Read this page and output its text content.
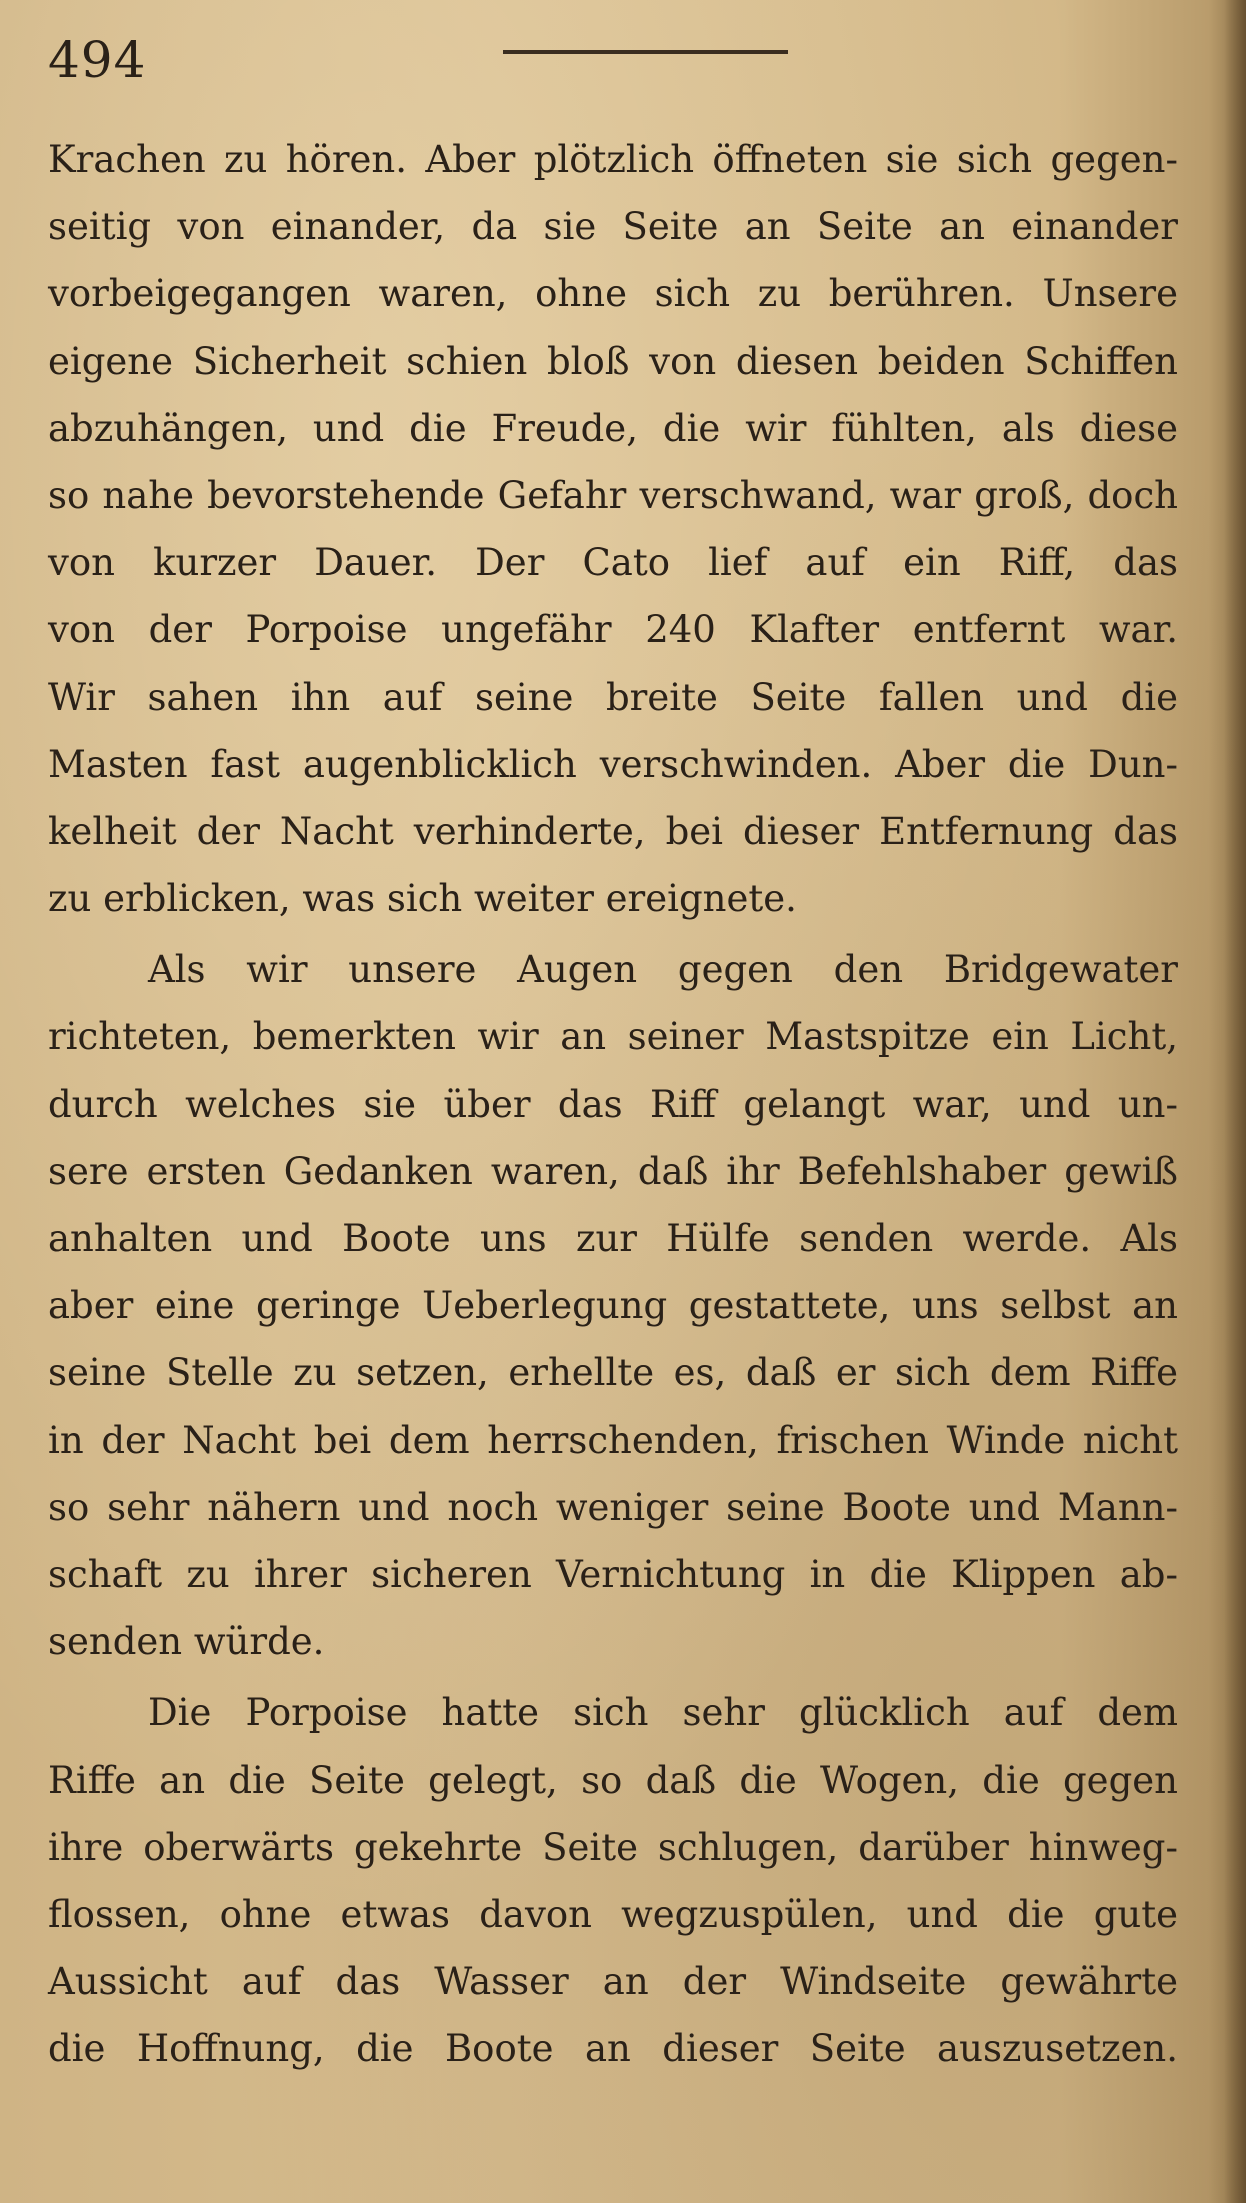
494
Krachen zu hören. Aber plötzlich öffneten sie sich gegen-
seitig von einander, da sie Seite an Seite an einander
vorbeigegangen waren, ohne sich zu berühren. Unsere
eigene Sicherheit schien bloß von diesen beiden Schiffen
abzuhängen, und die Freude, die wir fühlten, als diese
so nahe bevorstehende Gefahr verschwand, war groß, doch
von kurzer Dauer. Der Cato lief auf ein Riff, das
von der Porpoise ungefähr 240 Klafter entfernt war.
Wir sahen ihn auf seine breite Seite fallen und die
Masten fast augenblicklich verschwinden. Aber die Dun-
kelheit der Nacht verhinderte, bei dieser Entfernung das
zu erblicken, was sich weiter ereignete.
Als wir unsere Augen gegen den Bridgewater
richteten, bemerkten wir an seiner Mastspitze ein Licht,
durch welches sie über das Riff gelangt war, und un-
sere ersten Gedanken waren, daß ihr Befehlshaber gewiß
anhalten und Boote uns zur Hülfe senden werde. Als
aber eine geringe Ueberlegung gestattete, uns selbst an
seine Stelle zu setzen, erhellte es, daß er sich dem Riffe
in der Nacht bei dem herrschenden, frischen Winde nicht
so sehr nähern und noch weniger seine Boote und Mann-
schaft zu ihrer sicheren Vernichtung in die Klippen ab-
senden würde.
Die Porpoise hatte sich sehr glücklich auf dem
Riffe an die Seite gelegt, so daß die Wogen, die gegen
ihre oberwärts gekehrte Seite schlugen, darüber hinweg-
flossen, ohne etwas davon wegzuspülen, und die gute
Aussicht auf das Wasser an der Windseite gewährte
die Hoffnung, die Boote an dieser Seite auszusetzen.
